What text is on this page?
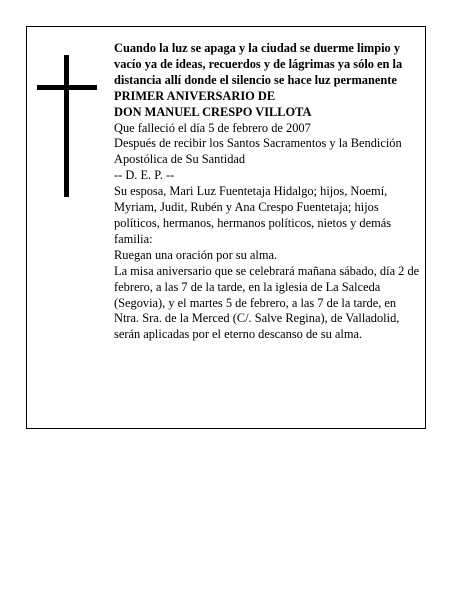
Cuando la luz se apaga y la ciudad se duerme limpio y vacío ya de ideas, recuerdos y de lágrimas ya sólo en la distancia allí donde el silencio se hace luz permanente PRIMER ANIVERSARIO DE

DON MANUEL CRESPO VILLOTA

Que falleció el día 5 de febrero de 2007

Después de recibir los Santos Sacramentos y la Bendición Apostólica de Su Santidad

-- D. E. P. --

Su esposa, Mari Luz Fuentetaja Hidalgo; hijos, Noemí, Myriam, Judit, Rubén y Ana Crespo Fuentetaja; hijos políticos, hermanos, hermanos políticos, nietos y demás familia:

Ruegan una oración por su alma.

La misa aniversario que se celebrará mañana sábado, día 2 de febrero, a las 7 de la tarde, en la iglesia de La Salceda (Segovia), y el martes 5 de febrero, a las 7 de la tarde, en Ntra. Sra. de la Merced (C/. Salve Regina), de Valladolid, serán aplicadas por el eterno descanso de su alma.
